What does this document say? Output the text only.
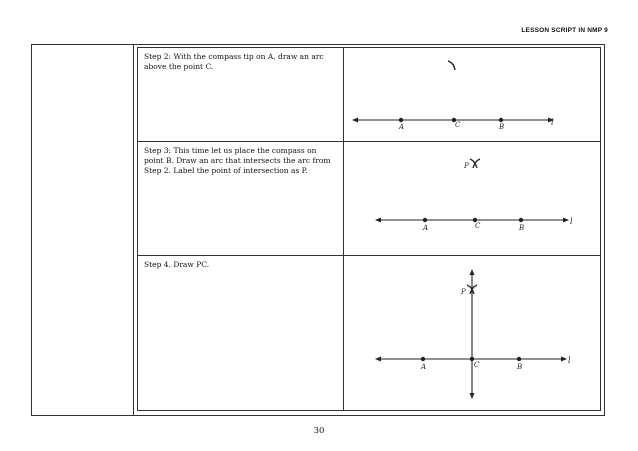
LESSON SCRIPT IN NMP 9
Step 2: With the compass tip on A, draw an arc above the point C.
A	C	B	l
Step 3: This time let us place the compass on point B. Draw an arc that intersects the arc from Step 2. Label the point of intersection as P.
A	C	B
l
P
Step 4. Draw PC.
A	C	B
l
P
30
